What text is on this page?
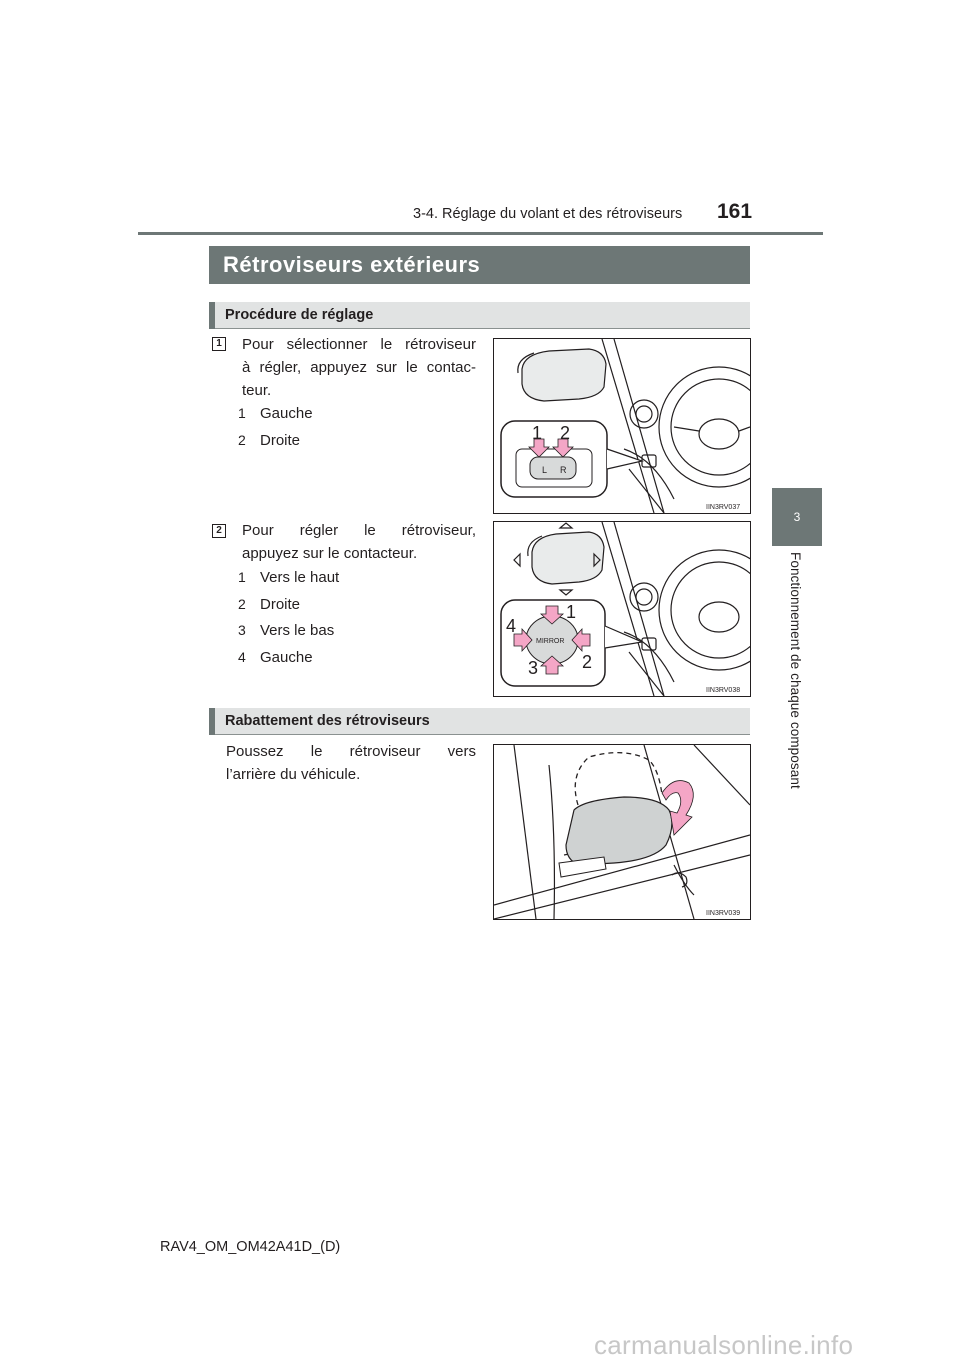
3-4. Réglage du volant et des rétroviseurs 161
3
Fonctionnement de chaque composant
Rétroviseurs extérieurs
Procédure de réglage
1 Pour sélectionner le rétroviseur
à régler, appuyez sur le contac-
teur.
1 Gauche
2 Droite
L R
1 2
IIN3RV037
2 Pour régler le rétroviseur,
appuyez sur le contacteur.
1 Vers le haut
2 Droite
3 Vers le bas
4 Gauche
MIRROR
1
2
3
4
IIN3RV038
Rabattement des rétroviseurs
Poussez le rétroviseur vers
l’arrière du véhicule.
IIN3RV039
RAV4_OM_OM42A41D_(D)
carmanualsonline.info
